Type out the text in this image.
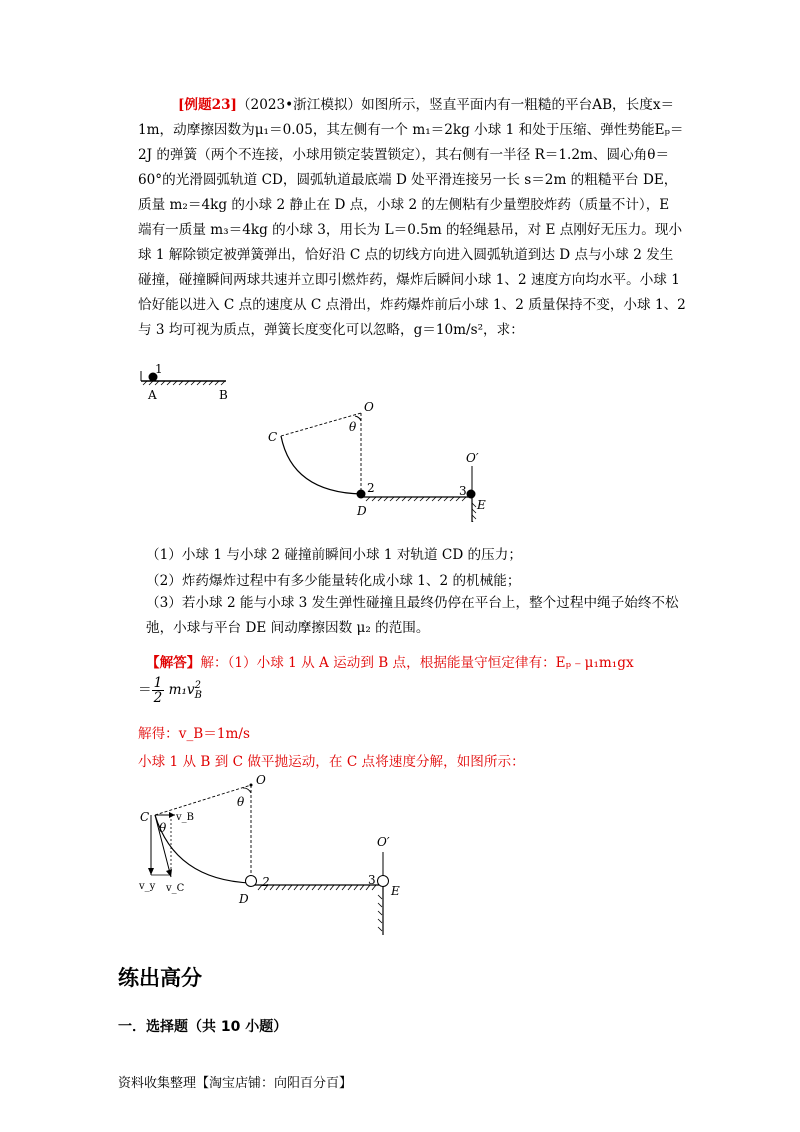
[例题23]（2023•浙江模拟）如图所示，竖直平面内有一粗糙的平台AB，长度x＝1m，动摩擦因数为μ₁＝0.05，其左侧有一个 m₁＝2kg 小球 1 和处于压缩、弹性势能Eₚ＝2J 的弹簧（两个不连接，小球用锁定装置锁定），其右侧有一半径 R＝1.2m、圆心角θ＝60°的光滑圆弧轨道 CD，圆弧轨道最底端 D 处平滑连接另一长 s＝2m 的粗糙平台 DE，质量 m₂＝4kg 的小球 2 静止在 D 点，小球 2 的左侧粘有少量塑胶炸药（质量不计），E 端有一质量 m₃＝4kg 的小球 3，用长为 L＝0.5m 的轻绳悬吊，对 E 点刚好无压力。现小球 1 解除锁定被弹簧弹出，恰好沿 C 点的切线方向进入圆弧轨道到达 D 点与小球 2 发生碰撞，碰撞瞬间两球共速并立即引燃炸药，爆炸后瞬间小球 1、2 速度方向均水平。小球 1 恰好能以进入 C 点的速度从 C 点滑出，炸药爆炸前后小球 1、2 质量保持不变，小球 1、2 与 3 均可视为质点，弹簧长度变化可以忽略，g＝10m/s²，求：

1
A	B
O
θ
C
O′
2	3
D	E
（1）小球 1 与小球 2 碰撞前瞬间小球 1 对轨道 CD 的压力；
（2）炸药爆炸过程中有多少能量转化成小球 1、2 的机械能；

（3）若小球 2 能与小球 3 发生弹性碰撞且最终仍停在平台上，整个过程中绳子始终不松弛，小球与平台 DE 间动摩擦因数 μ₂ 的范围。

【解答】解：（1）小球 1 从 A 运动到 B 点，根据能量守恒定律有：Eₚ﹣μ₁m₁gx
＝ $\frac{1}{2} m_1v$ 2
B
解得：v_B＝1m/s
小球 1 从 B 到 C 做平抛运动，在 C 点将速度分解，如图所示：
O
θ
C
θ
v_B
v_y v_C
O′
2	3
D
E
练出高分
一．选择题（共 10 小题）
资料收集整理【淘宝店铺：向阳百分百】
